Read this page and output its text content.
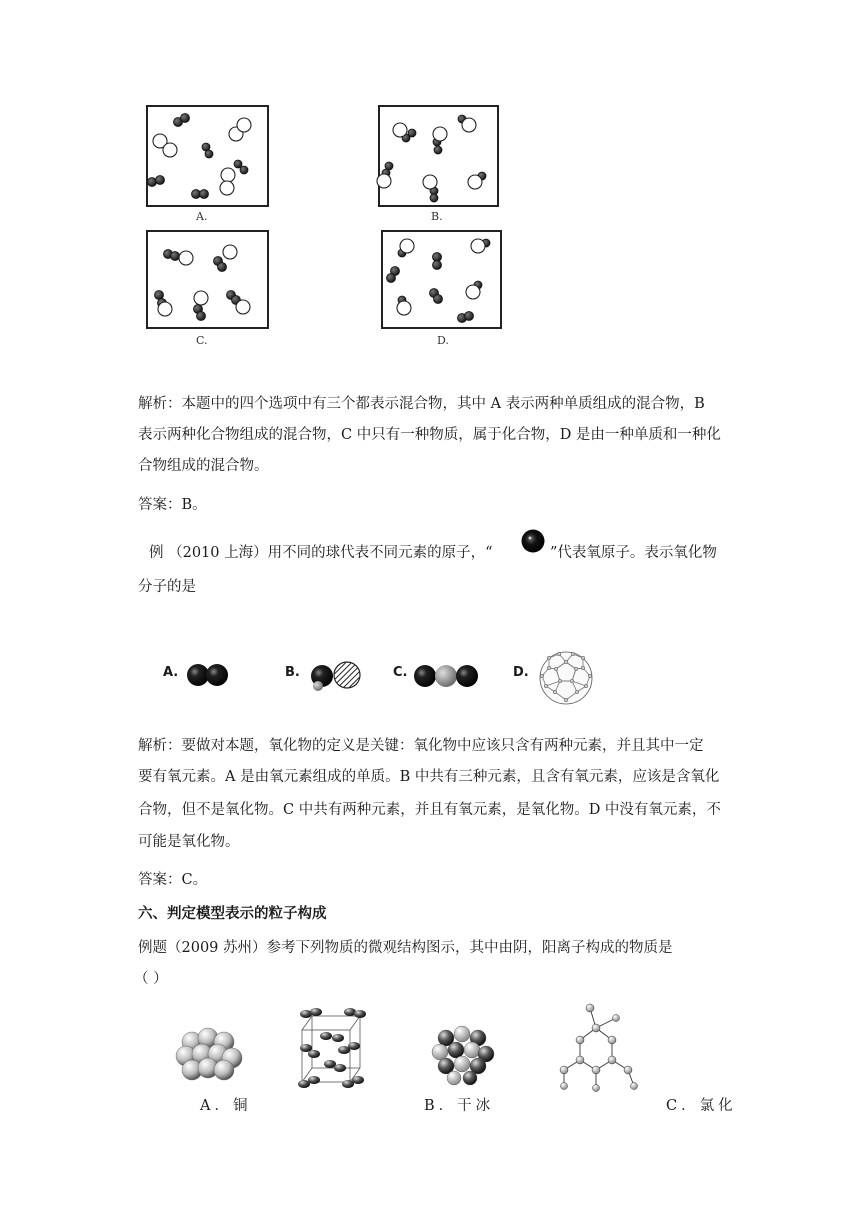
A.	B.
C.	D.
解析：本题中的四个选项中有三个都表示混合物，其中 A 表示两种单质组成的混合物，B
表示两种化合物组成的混合物，C 中只有一种物质，属于化合物，D 是由一种单质和一种化
合物组成的混合物。
答案：B。
例 （2010 上海）用不同的球代表不同元素的原子，“	”代表氧原子。表示氧化物
分子的是
A.	B.	C.	D.
解析：要做对本题，氧化物的定义是关键：氧化物中应该只含有两种元素，并且其中一定
要有氧元素。A 是由氧元素组成的单质。B 中共有三种元素，且含有氧元素，应该是含氧化
合物，但不是氧化物。C 中共有两种元素，并且有氧元素，是氧化物。D 中没有氧元素，不
可能是氧化物。
答案：C。
六、判定模型表示的粒子构成
例题（2009 苏州）参考下列物质的微观结构图示，其中由阴，阳离子构成的物质是
（ ）
A．铜	B．干冰	C．氯化
